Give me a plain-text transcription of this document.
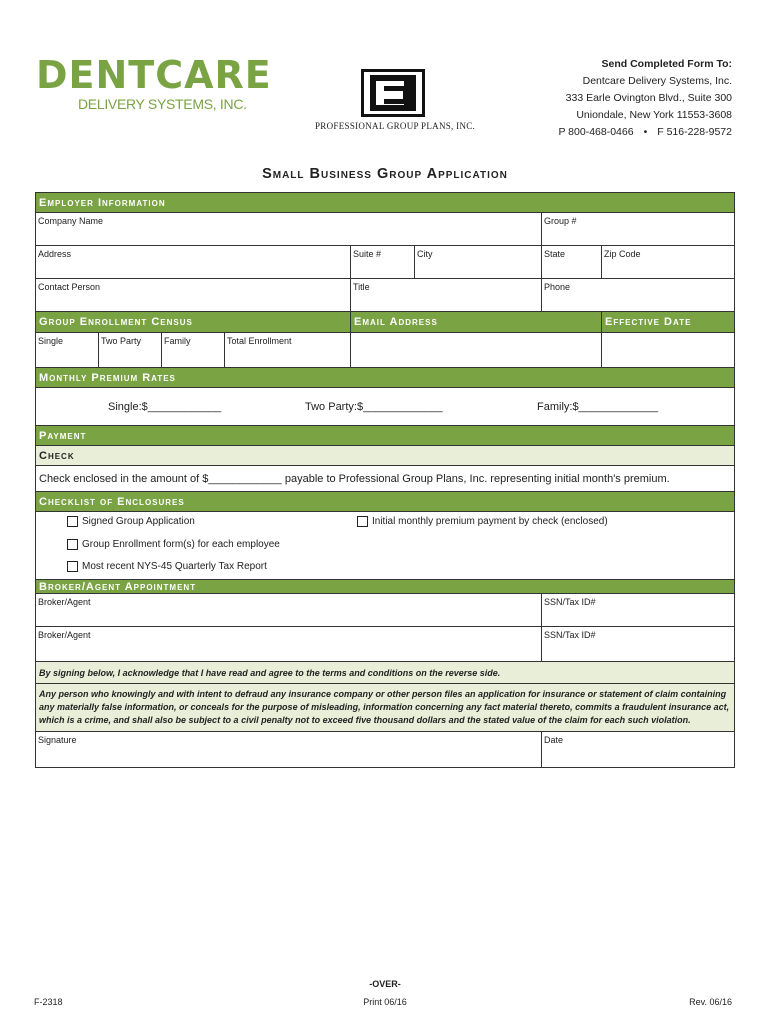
DENTCARE
DELIVERY SYSTEMS, INC.
PROFESSIONAL GROUP PLANS, INC.
Send Completed Form To:
Dentcare Delivery Systems, Inc.
333 Earle Ovington Blvd., Suite 300
Uniondale, New York 11553-3608
P 800-468-0466 • F 516-228-9572
Small Business Group Application
Employer Information
Company Name	Group #
Address	Suite #	City	State	Zip Code
Contact Person	Title	Phone
Group Enrollment Census	Email Address	Effective Date
Single	Two Party	Family	Total Enrollment
Monthly Premium Rates
Single:$____________	Two Party:$_____________	Family:$_____________
Payment
Check
Check enclosed in the amount of $____________ payable to Professional Group Plans, Inc. representing initial month's premium.
Checklist of Enclosures
Signed Group Application	Initial monthly premium payment by check (enclosed)
Group Enrollment form(s) for each employee
Most recent NYS-45 Quarterly Tax Report
Broker/Agent Appointment
Broker/Agent	SSN/Tax ID#
Broker/Agent	SSN/Tax ID#
By signing below, I acknowledge that I have read and agree to the terms and conditions on the reverse side.
Any person who knowingly and with intent to defraud any insurance company or other person files an application for insurance or statement of claim containing any materially false information, or conceals for the purpose of misleading, information concerning any fact material thereto, commits a fraudulent insurance act, which is a crime, and shall also be subject to a civil penalty not to exceed five thousand dollars and the stated value of the claim for each such violation.
Signature	Date
-OVER-
F-2318	Print 06/16	Rev. 06/16
